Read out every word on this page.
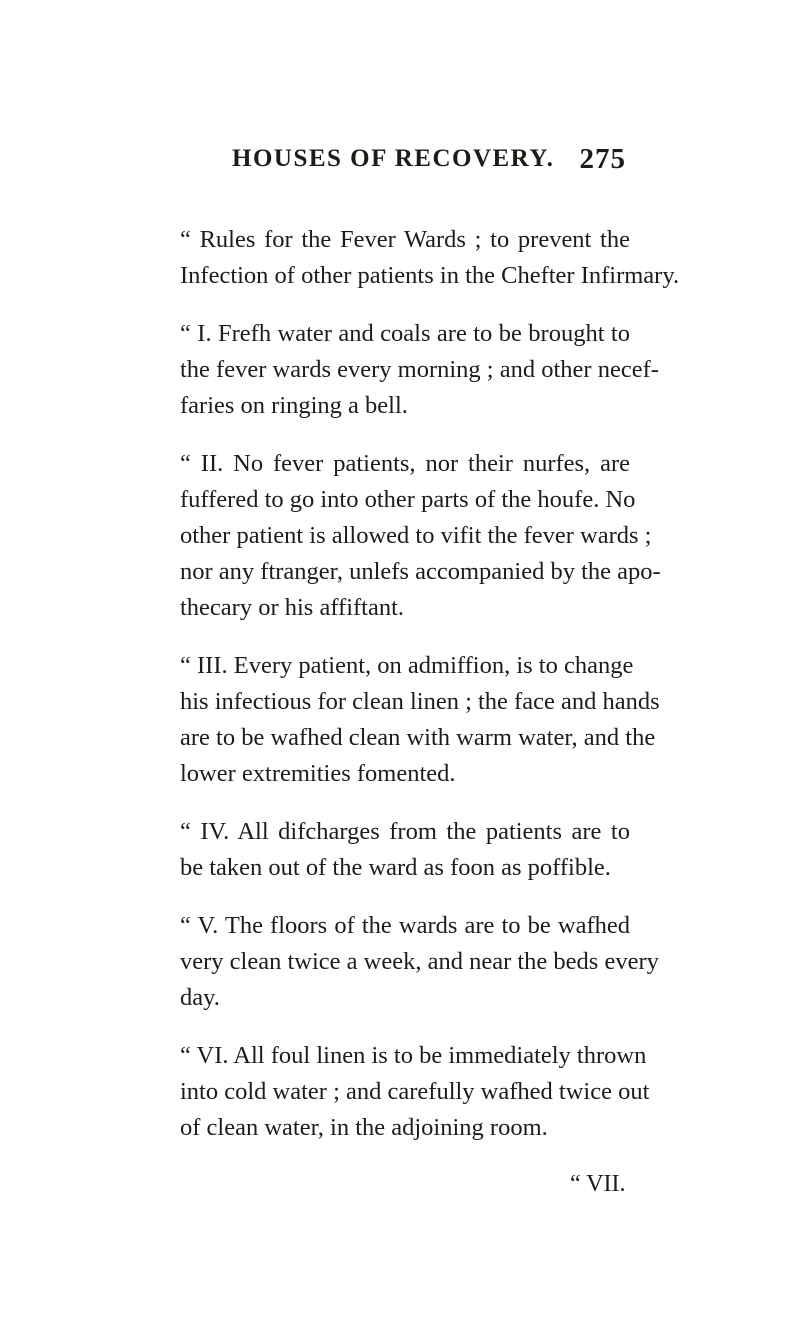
HOUSES OF RECOVERY. 275
“ Rules for the Fever Wards ; to prevent the
Infection of other patients in the Chefter Infirmary.
“ I. Frefh water and coals are to be brought to
the fever wards every morning ; and other necef-
faries on ringing a bell.
“ II. No fever patients, nor their nurfes, are
fuffered to go into other parts of the houfe. No
other patient is allowed to vifit the fever wards ;
nor any ftranger, unlefs accompanied by the apo-
thecary or his affiftant.
“ III. Every patient, on admiffion, is to change
his infectious for clean linen ; the face and hands
are to be wafhed clean with warm water, and the
lower extremities fomented.
“ IV. All difcharges from the patients are to
be taken out of the ward as foon as poffible.
“ V. The floors of the wards are to be wafhed
very clean twice a week, and near the beds every
day.
“ VI. All foul linen is to be immediately thrown
into cold water ; and carefully wafhed twice out
of clean water, in the adjoining room.
“ VII.
